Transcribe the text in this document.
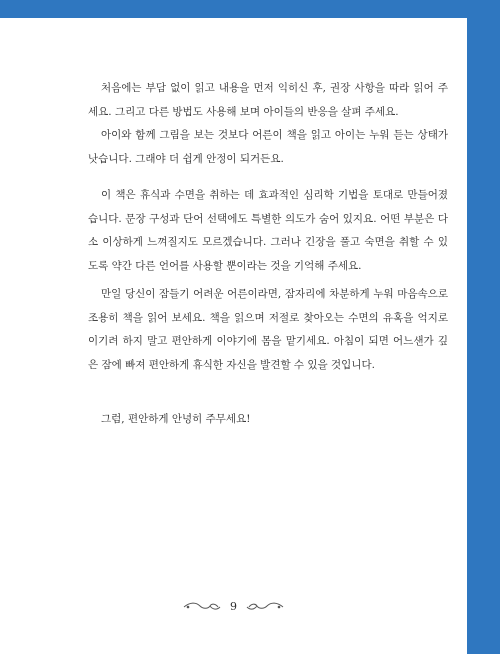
처음에는 부담 없이 읽고 내용을 먼저 익히신 후, 권장 사항을 따라 읽어 주세요. 그리고 다른 방법도 사용해 보며 아이들의 반응을 살펴 주세요.

아이와 함께 그림을 보는 것보다 어른이 책을 읽고 아이는 누워 듣는 상태가 낫습니다. 그래야 더 쉽게 안정이 되거든요.

이 책은 휴식과 수면을 취하는 데 효과적인 심리학 기법을 토대로 만들어졌습니다. 문장 구성과 단어 선택에도 특별한 의도가 숨어 있지요. 어떤 부분은 다소 이상하게 느껴질지도 모르겠습니다. 그러나 긴장을 풀고 숙면을 취할 수 있도록 약간 다른 언어를 사용할 뿐이라는 것을 기억해 주세요.

만일 당신이 잠들기 어려운 어른이라면, 잠자리에 차분하게 누워 마음속으로 조용히 책을 읽어 보세요. 책을 읽으며 저절로 찾아오는 수면의 유혹을 억지로 이기려 하지 말고 편안하게 이야기에 몸을 맡기세요. 아침이 되면 어느샌가 깊은 잠에 빠져 편안하게 휴식한 자신을 발견할 수 있을 것입니다.

그럼, 편안하게 안녕히 주무세요!

9
